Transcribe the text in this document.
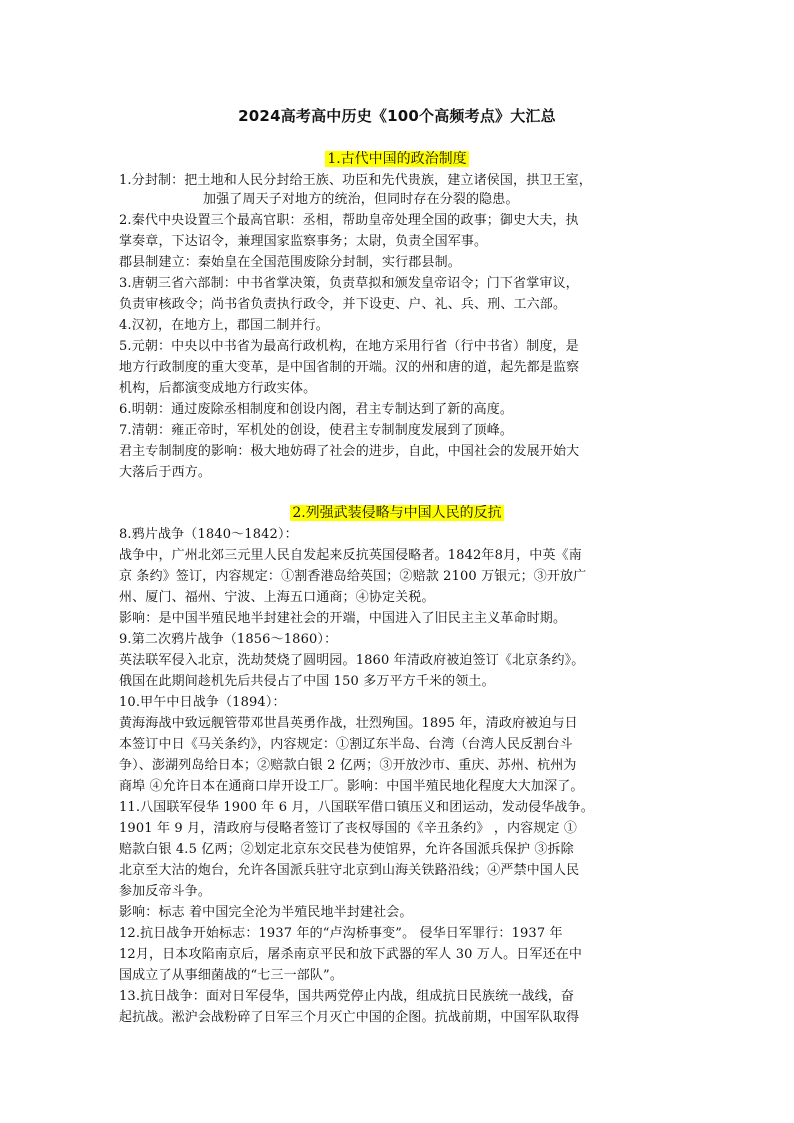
2024高考高中历史《100个高频考点》大汇总
1.古代中国的政治制度
1.分封制：把土地和人民分封给王族、功臣和先代贵族，建立诸侯国，拱卫王室，
加强了周天子对地方的统治，但同时存在分裂的隐患。
2.秦代中央设置三个最高官职：丞相，帮助皇帝处理全国的政事；御史大夫，执
掌奏章，下达诏令，兼理国家监察事务；太尉，负责全国军事。
郡县制建立：秦始皇在全国范围废除分封制，实行郡县制。
3.唐朝三省六部制：中书省掌决策，负责草拟和颁发皇帝诏令；门下省掌审议，
负责审核政令；尚书省负责执行政令，并下设吏、户、礼、兵、刑、工六部。
4.汉初，在地方上，郡国二制并行。
5.元朝：中央以中书省为最高行政机构，在地方采用行省（行中书省）制度，是
地方行政制度的重大变革，是中国省制的开端。汉的州和唐的道，起先都是监察
机构，后都演变成地方行政实体。
6.明朝：通过废除丞相制度和创设内阁，君主专制达到了新的高度。
7.清朝：雍正帝时，军机处的创设，使君主专制制度发展到了顶峰。
君主专制制度的影响：极大地妨碍了社会的进步，自此，中国社会的发展开始大
大落后于西方。
2.列强武装侵略与中国人民的反抗
8.鸦片战争（1840～1842）：
战争中，广州北郊三元里人民自发起来反抗英国侵略者。1842年8月，中英《南
京 条约》签订，内容规定：①割香港岛给英国；②赔款 2100 万银元；③开放广
州、厦门、福州、宁波、上海五口通商；④协定关税。
影响：是中国半殖民地半封建社会的开端，中国进入了旧民主主义革命时期。
9.第二次鸦片战争（1856～1860）：
英法联军侵入北京，洗劫焚烧了圆明园。1860 年清政府被迫签订《北京条约》。
俄国在此期间趁机先后共侵占了中国 150 多万平方千米的领土。
10.甲午中日战争（1894）：
黄海海战中致远舰管带邓世昌英勇作战，壮烈殉国。1895 年，清政府被迫与日
本签订中日《马关条约》，内容规定：①割辽东半岛、台湾（台湾人民反割台斗
争）、澎湖列岛给日本；②赔款白银 2 亿两；③开放沙市、重庆、苏州、杭州为
商埠 ④允许日本在通商口岸开设工厂。影响：中国半殖民地化程度大大加深了。
11.八国联军侵华 1900 年 6 月，八国联军借口镇压义和团运动，发动侵华战争。
1901 年 9 月，清政府与侵略者签订了丧权辱国的《辛丑条约》 ，内容规定 ①
赔款白银 4.5 亿两；②划定北京东交民巷为使馆界，允许各国派兵保护 ③拆除
北京至大沽的炮台，允许各国派兵驻守北京到山海关铁路沿线；④严禁中国人民
参加反帝斗争。
影响：标志 着中国完全沦为半殖民地半封建社会。
12.抗日战争开始标志：1937 年的“卢沟桥事变”。 侵华日军罪行：1937 年
12月，日本攻陷南京后，屠杀南京平民和放下武器的军人 30 万人。日军还在中
国成立了从事细菌战的“七三一部队”。
13.抗日战争：面对日军侵华，国共两党停止内战，组成抗日民族统一战线，奋
起抗战。淞沪会战粉碎了日军三个月灭亡中国的企图。抗战前期，中国军队取得
